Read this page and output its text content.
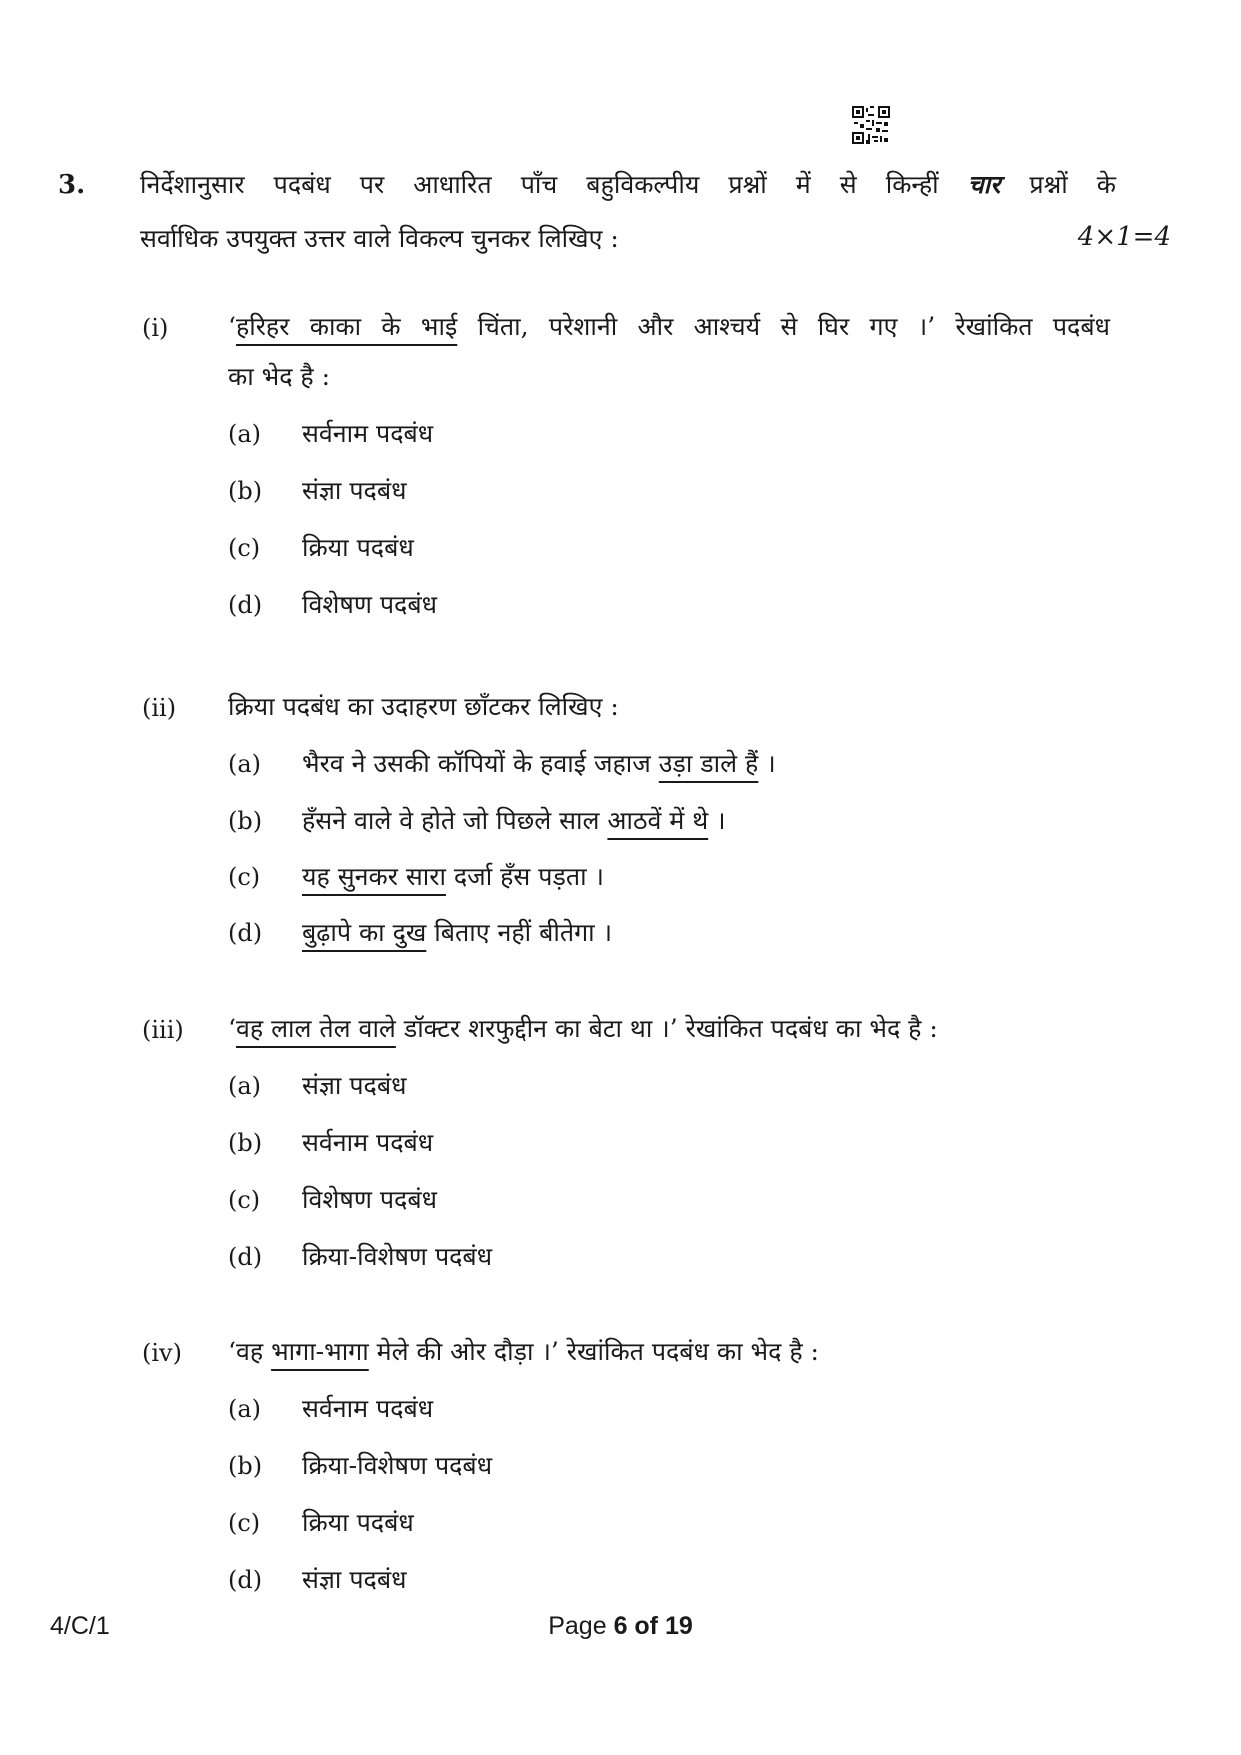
3. निर्देशानुसार पदबंध पर आधारित पाँच बहुविकल्पीय प्रश्नों में से किन्हीं चार प्रश्नों के
सर्वाधिक उपयुक्त उत्तर वाले विकल्प चुनकर लिखिए :	4×1=4
(i) ‘हरिहर काका के भाई चिंता, परेशानी और आश्चर्य से घिर गए ।’ रेखांकित पदबंध
का भेद है :
(a) सर्वनाम पदबंध
(b) संज्ञा पदबंध
(c) क्रिया पदबंध
(d) विशेषण पदबंध
(ii) क्रिया पदबंध का उदाहरण छाँटकर लिखिए :
(a) भैरव ने उसकी कॉपियों के हवाई जहाज उड़ा डाले हैं ।
(b) हँसने वाले वे होते जो पिछले साल आठवें में थे ।
(c) यह सुनकर सारा दर्जा हँस पड़ता ।
(d) बुढ़ापे का दुख बिताए नहीं बीतेगा ।
(iii) ‘वह लाल तेल वाले डॉक्टर शरफुद्दीन का बेटा था ।’ रेखांकित पदबंध का भेद है :
(a) संज्ञा पदबंध
(b) सर्वनाम पदबंध
(c) विशेषण पदबंध
(d) क्रिया-विशेषण पदबंध
(iv) ‘वह भागा-भागा मेले की ओर दौड़ा ।’ रेखांकित पदबंध का भेद है :
(a) सर्वनाम पदबंध
(b) क्रिया-विशेषण पदबंध
(c) क्रिया पदबंध
(d) संज्ञा पदबंध
4/C/1	Page 6 of 19
